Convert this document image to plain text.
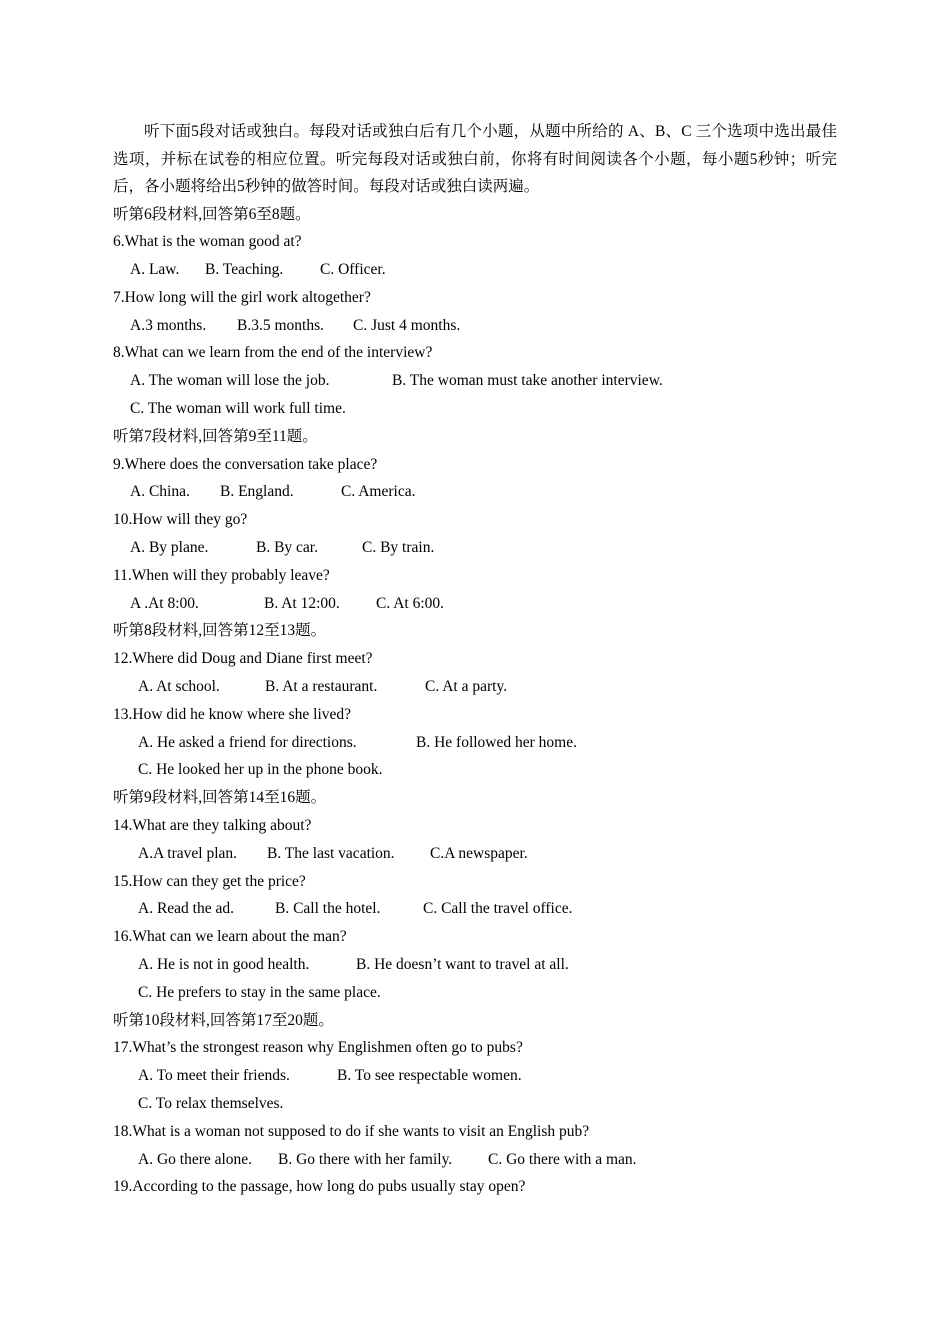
听下面5段对话或独白。每段对话或独白后有几个小题，从题中所给的 A、B、C 三个选项中选出最佳选项，并标在试卷的相应位置。听完每段对话或独白前，你将有时间阅读各个小题，每小题5秒钟；听完后，各小题将给出5秒钟的做答时间。每段对话或独白读两遍。

听第6段材料,回答第6至8题。
6.What is the woman good at?
A. Law. B. Teaching. C. Officer.
7.How long will the girl work altogether?
A.3 months. B.3.5 months. C. Just 4 months.
8.What can we learn from the end of the interview?
A. The woman will lose the job.	B. The woman must take another interview.
C. The woman will work full time.
听第7段材料,回答第9至11题。
9.Where does the conversation take place?
A. China. B. England.	C. America.
10.How will they go?
A. By plane.	B. By car.	C. By train.
11.When will they probably leave?
A .At 8:00.	B. At 12:00. C. At 6:00.
听第8段材料,回答第12至13题。
12.Where did Doug and Diane first meet?
A. At school.	B. At a restaurant.	C. At a party.
13.How did he know where she lived?
A. He asked a friend for directions.	B. He followed her home.
C. He looked her up in the phone book.
听第9段材料,回答第14至16题。
14.What are they talking about?
A.A travel plan. B. The last vacation. C.A newspaper.
15.How can they get the price?
A. Read the ad.	B. Call the hotel.	C. Call the travel office.
16.What can we learn about the man?
A. He is not in good health.	B. He doesn’t want to travel at all.
C. He prefers to stay in the same place.
听第10段材料,回答第17至20题。
17.What’s the strongest reason why Englishmen often go to pubs?
A. To meet their friends.	B. To see respectable women.
C. To relax themselves.
18.What is a woman not supposed to do if she wants to visit an English pub?
A. Go there alone. B. Go there with her family. C. Go there with a man.
19.According to the passage, how long do pubs usually stay open?
